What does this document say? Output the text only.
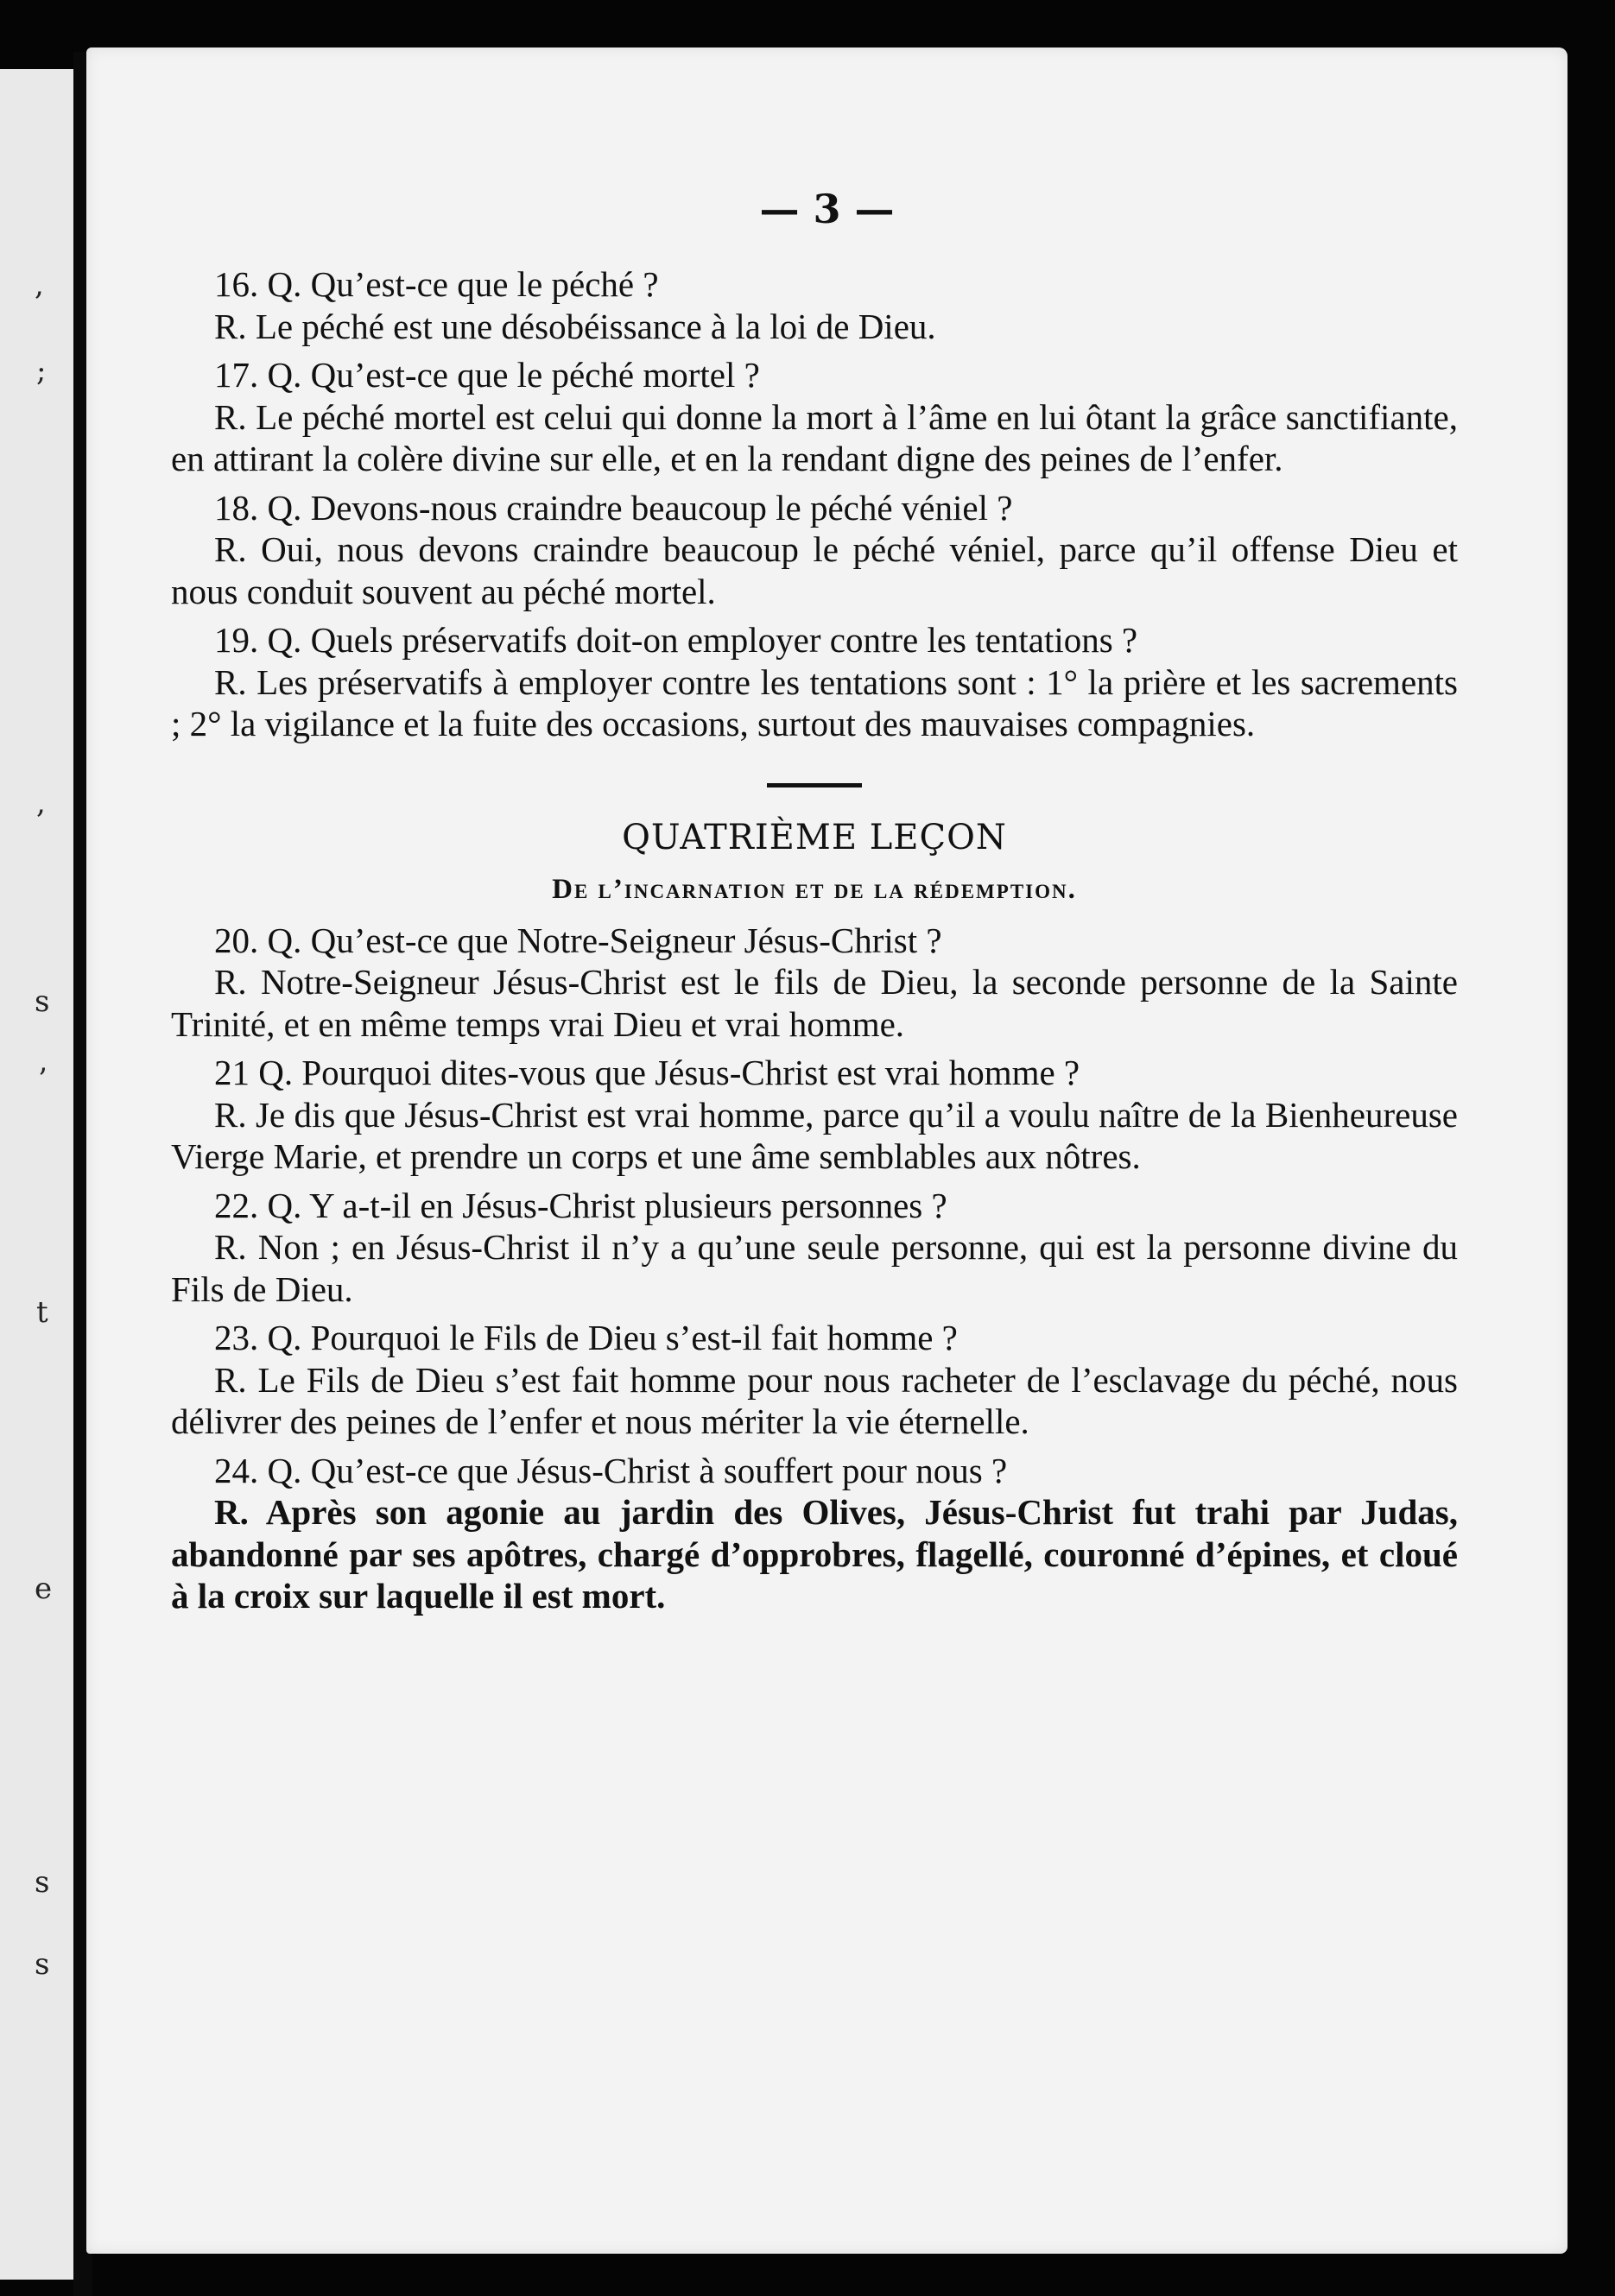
,
;
,
s
’
t
e
s
s
— 3 —

16. Q. Qu’est-ce que le péché ?

R. Le péché est une désobéissance à la loi de Dieu.

17. Q. Qu’est-ce que le péché mortel ?

R. Le péché mortel est celui qui donne la mort à l’âme en lui ôtant la grâce sanctifiante, en attirant la colère divine sur elle, et en la rendant digne des peines de l’enfer.

18. Q. Devons-nous craindre beaucoup le péché véniel ?

R. Oui, nous devons craindre beaucoup le péché véniel, parce qu’il offense Dieu et nous conduit souvent au péché mortel.

19. Q. Quels préservatifs doit-on employer contre les tentations ?

R. Les préservatifs à employer contre les tentations sont : 1° la prière et les sacrements ; 2° la vigilance et la fuite des occasions, surtout des mauvaises compagnies.

QUATRIÈME LEÇON

De l’incarnation et de la rédemption.

20. Q. Qu’est-ce que Notre-Seigneur Jésus-Christ ?

R. Notre-Seigneur Jésus-Christ est le fils de Dieu, la seconde personne de la Sainte Trinité, et en même temps vrai Dieu et vrai homme.

21 Q. Pourquoi dites-vous que Jésus-Christ est vrai homme ?

R. Je dis que Jésus-Christ est vrai homme, parce qu’il a voulu naître de la Bienheureuse Vierge Marie, et prendre un corps et une âme semblables aux nôtres.

22. Q. Y a-t-il en Jésus-Christ plusieurs personnes ?

R. Non ; en Jésus-Christ il n’y a qu’une seule personne, qui est la personne divine du Fils de Dieu.

23. Q. Pourquoi le Fils de Dieu s’est-il fait homme ?

R. Le Fils de Dieu s’est fait homme pour nous racheter de l’esclavage du péché, nous délivrer des peines de l’enfer et nous mériter la vie éternelle.

24. Q. Qu’est-ce que Jésus-Christ à souffert pour nous ?

R. Après son agonie au jardin des Olives, Jésus-Christ fut trahi par Judas, abandonné par ses apôtres, chargé d’opprobres, flagellé, couronné d’épines, et cloué à la croix sur laquelle il est mort.
